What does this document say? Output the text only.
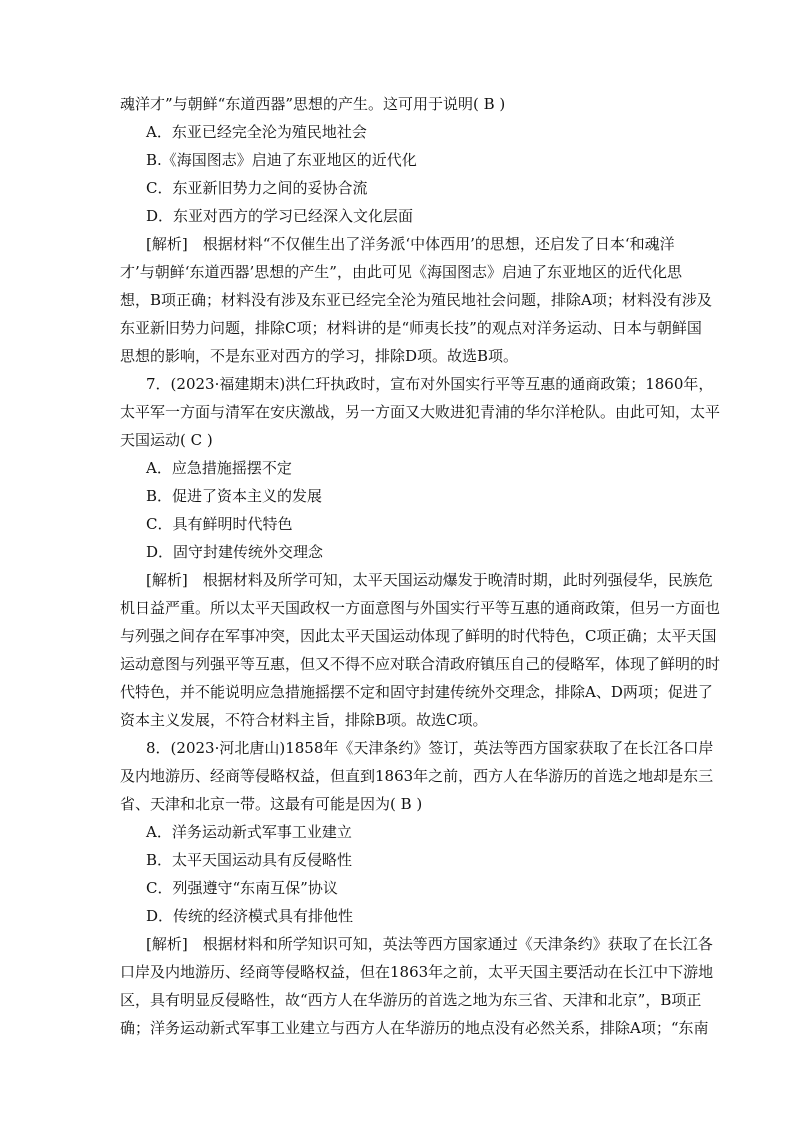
魂洋才”与朝鲜“东道西器”思想的产生。这可用于说明( B )
A．东亚已经完全沦为殖民地社会
B.《海国图志》启迪了东亚地区的近代化
C．东亚新旧势力之间的妥协合流
D．东亚对西方的学习已经深入文化层面
[解析]　根据材料“不仅催生出了洋务派‘中体西用’的思想，还启发了日本‘和魂洋
才’与朝鲜‘东道西器’思想的产生”，由此可见《海国图志》启迪了东亚地区的近代化思
想，B项正确；材料没有涉及东亚已经完全沦为殖民地社会问题，排除A项；材料没有涉及
东亚新旧势力问题，排除C项；材料讲的是“师夷长技”的观点对洋务运动、日本与朝鲜国
思想的影响，不是东亚对西方的学习，排除D项。故选B项。
7．(2023·福建期末)洪仁玕执政时，宣布对外国实行平等互惠的通商政策；1860年，
太平军一方面与清军在安庆激战，另一方面又大败进犯青浦的华尔洋枪队。由此可知，太平
天国运动( C )
A．应急措施摇摆不定
B．促进了资本主义的发展
C．具有鲜明时代特色
D．固守封建传统外交理念
[解析]　根据材料及所学可知，太平天国运动爆发于晚清时期，此时列强侵华，民族危
机日益严重。所以太平天国政权一方面意图与外国实行平等互惠的通商政策，但另一方面也
与列强之间存在军事冲突，因此太平天国运动体现了鲜明的时代特色，C项正确；太平天国
运动意图与列强平等互惠，但又不得不应对联合清政府镇压自己的侵略军，体现了鲜明的时
代特色，并不能说明应急措施摇摆不定和固守封建传统外交理念，排除A、D两项；促进了
资本主义发展，不符合材料主旨，排除B项。故选C项。
8．(2023·河北唐山)1858年《天津条约》签订，英法等西方国家获取了在长江各口岸
及内地游历、经商等侵略权益，但直到1863年之前，西方人在华游历的首选之地却是东三
省、天津和北京一带。这最有可能是因为( B )
A．洋务运动新式军事工业建立
B．太平天国运动具有反侵略性
C．列强遵守“东南互保”协议
D．传统的经济模式具有排他性
[解析]　根据材料和所学知识可知，英法等西方国家通过《天津条约》获取了在长江各
口岸及内地游历、经商等侵略权益，但在1863年之前，太平天国主要活动在长江中下游地
区，具有明显反侵略性，故“西方人在华游历的首选之地为东三省、天津和北京”，B项正
确；洋务运动新式军事工业建立与西方人在华游历的地点没有必然关系，排除A项；“东南
